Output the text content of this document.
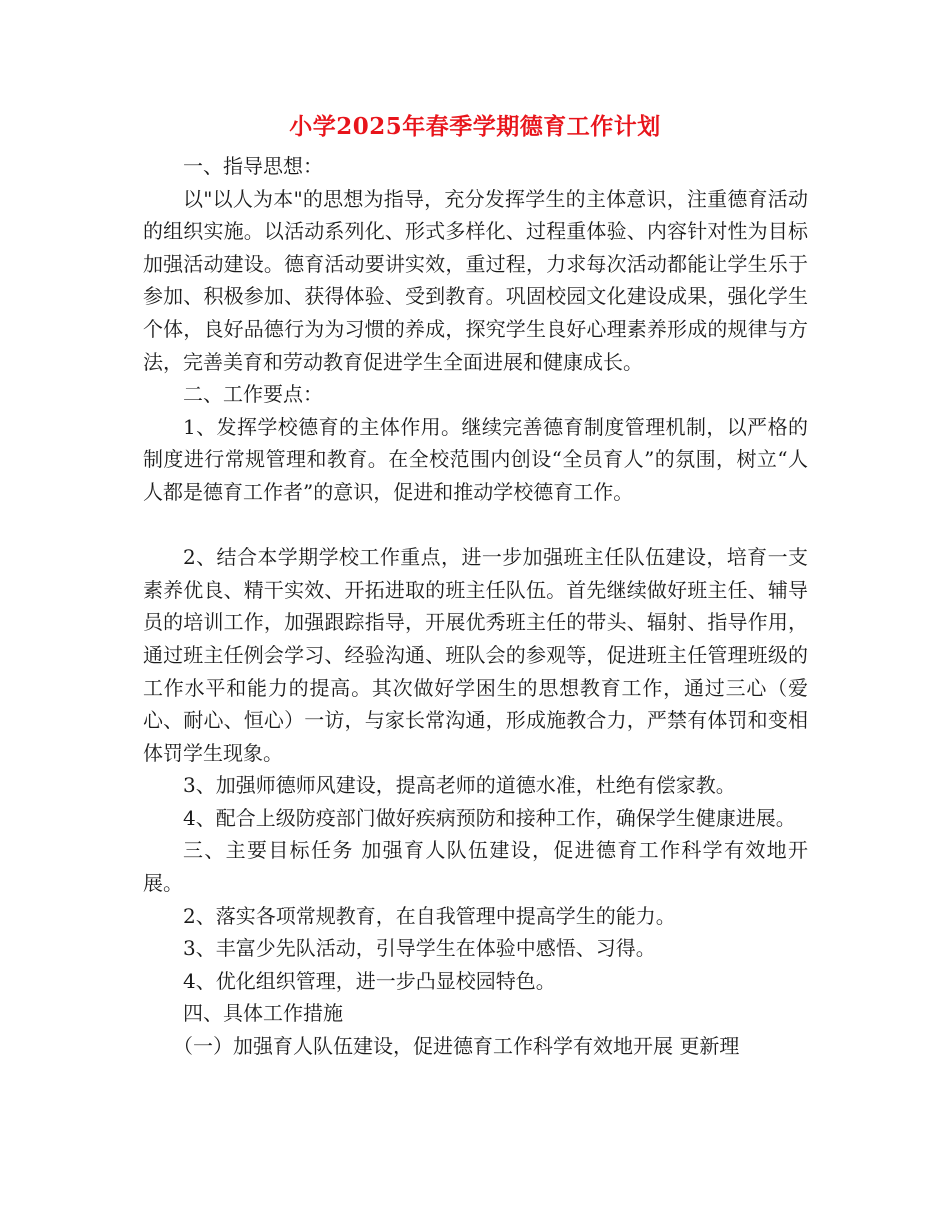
小学2025年春季学期德育工作计划

一、指导思想：

以"以人为本"的思想为指导，充分发挥学生的主体意识，注重德育活动的组织实施。以活动系列化、形式多样化、过程重体验、内容针对性为目标加强活动建设。德育活动要讲实效，重过程，力求每次活动都能让学生乐于参加、积极参加、获得体验、受到教育。巩固校园文化建设成果，强化学生个体，良好品德行为为习惯的养成，探究学生良好心理素养形成的规律与方法，完善美育和劳动教育促进学生全面进展和健康成长。

二、工作要点：

1、发挥学校德育的主体作用。继续完善德育制度管理机制，以严格的制度进行常规管理和教育。在全校范围内创设“全员育人”的氛围，树立“人人都是德育工作者”的意识，促进和推动学校德育工作。

2、结合本学期学校工作重点，进一步加强班主任队伍建设，培育一支素养优良、精干实效、开拓进取的班主任队伍。首先继续做好班主任、辅导员的培训工作，加强跟踪指导，开展优秀班主任的带头、辐射、指导作用，通过班主任例会学习、经验沟通、班队会的参观等，促进班主任管理班级的工作水平和能力的提高。其次做好学困生的思想教育工作，通过三心（爱心、耐心、恒心）一访，与家长常沟通，形成施教合力，严禁有体罚和变相体罚学生现象。

3、加强师德师风建设，提高老师的道德水准，杜绝有偿家教。

4、配合上级防疫部门做好疾病预防和接种工作，确保学生健康进展。

三、主要目标任务 加强育人队伍建设，促进德育工作科学有效地开展。

2、落实各项常规教育，在自我管理中提高学生的能力。

3、丰富少先队活动，引导学生在体验中感悟、习得。

4、优化组织管理，进一步凸显校园特色。

四、具体工作措施

（一）加强育人队伍建设，促进德育工作科学有效地开展 更新理
